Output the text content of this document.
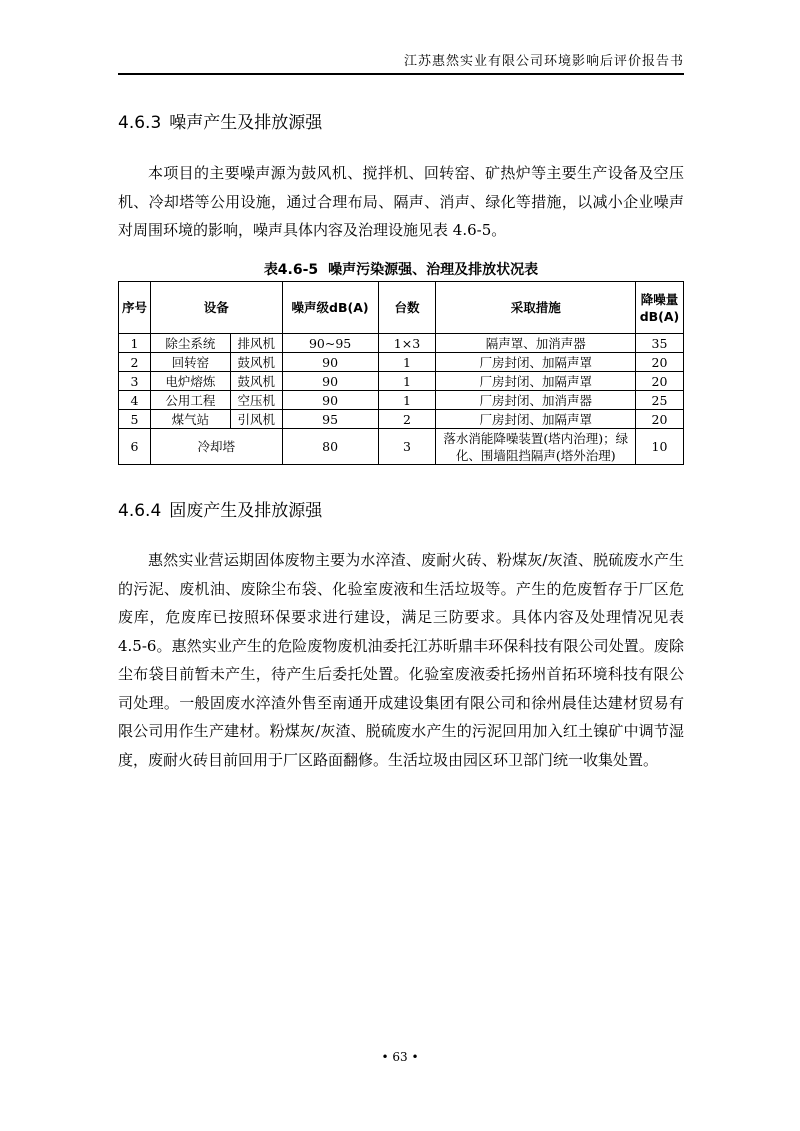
江苏惠然实业有限公司环境影响后评价报告书
4.6.3 噪声产生及排放源强

本项目的主要噪声源为鼓风机、搅拌机、回转窑、矿热炉等主要生产设备及空压机、冷却塔等公用设施，通过合理布局、隔声、消声、绿化等措施，以减小企业噪声对周围环境的影响，噪声具体内容及治理设施见表 4.6-5。

表4.6-5 噪声污染源强、治理及排放状况表
序号	设备		噪声级dB(A)	台数	采取措施	降噪量dB(A)
1	除尘系统	排风机	90~95	1×3	隔声罩、加消声器	35
2	回转窑	鼓风机	90	1	厂房封闭、加隔声罩	20
3	电炉熔炼	鼓风机	90	1	厂房封闭、加隔声罩	20
4	公用工程	空压机	90	1	厂房封闭、加消声器	25
5	煤气站	引风机	95	2	厂房封闭、加隔声罩	20
6	冷却塔		80	3	落水消能降噪装置(塔内治理)；绿化、围墙阻挡隔声(塔外治理)	10
4.6.4 固废产生及排放源强

惠然实业营运期固体废物主要为水淬渣、废耐火砖、粉煤灰/灰渣、脱硫废水产生的污泥、废机油、废除尘布袋、化验室废液和生活垃圾等。产生的危废暂存于厂区危废库，危废库已按照环保要求进行建设，满足三防要求。具体内容及处理情况见表 4.5-6。惠然实业产生的危险废物废机油委托江苏昕鼎丰环保科技有限公司处置。废除尘布袋目前暂未产生，待产生后委托处置。化验室废液委托扬州首拓环境科技有限公司处理。一般固废水淬渣外售至南通开成建设集团有限公司和徐州晨佳达建材贸易有限公司用作生产建材。粉煤灰/灰渣、脱硫废水产生的污泥回用加入红土镍矿中调节湿度，废耐火砖目前回用于厂区路面翻修。生活垃圾由园区环卫部门统一收集处置。

• 63 •
